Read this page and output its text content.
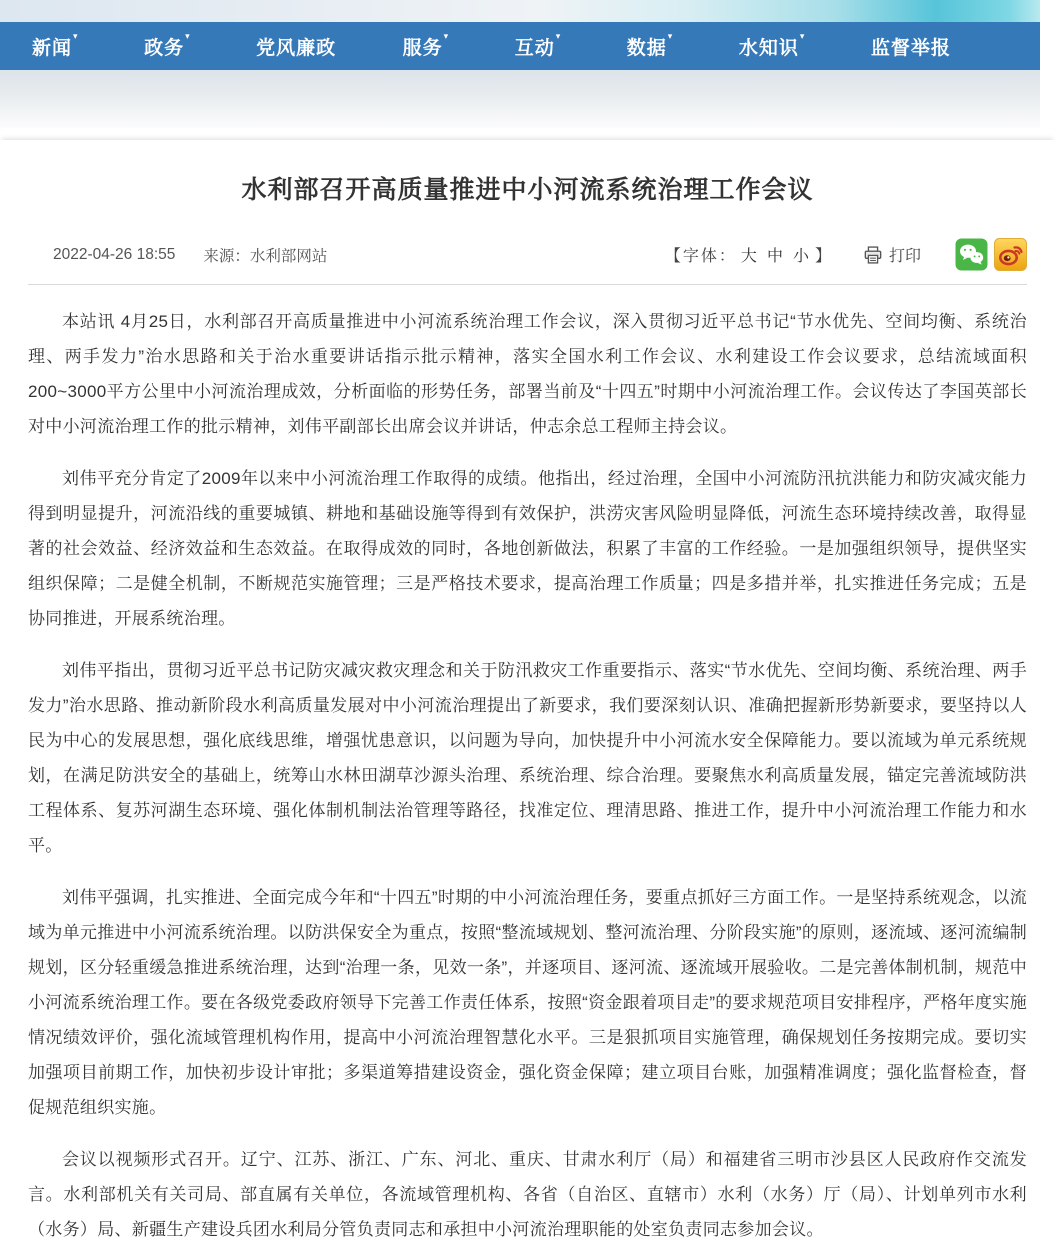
新闻▾
政务▾
党风廉政	服务▾
互动▾
数据▾
水知识▾
监督举报
水利部召开高质量推进中小河流系统治理工作会议
2022-04-26 18:55 来源：水利部网站	【字体： 大 中 小 】	打印

本站讯 4月25日，水利部召开高质量推进中小河流系统治理工作会议，深入贯彻习近平总书记“节水优先、空间均衡、系统治理、两手发力”治水思路和关于治水重要讲话指示批示精神，落实全国水利工作会议、水利建设工作会议要求，总结流域面积200~3000平方公里中小河流治理成效，分析面临的形势任务，部署当前及“十四五”时期中小河流治理工作。会议传达了李国英部长对中小河流治理工作的批示精神，刘伟平副部长出席会议并讲话，仲志余总工程师主持会议。

刘伟平充分肯定了2009年以来中小河流治理工作取得的成绩。他指出，经过治理，全国中小河流防汛抗洪能力和防灾减灾能力得到明显提升，河流沿线的重要城镇、耕地和基础设施等得到有效保护，洪涝灾害风险明显降低，河流生态环境持续改善，取得显著的社会效益、经济效益和生态效益。在取得成效的同时，各地创新做法，积累了丰富的工作经验。一是加强组织领导，提供坚实组织保障；二是健全机制，不断规范实施管理；三是严格技术要求，提高治理工作质量；四是多措并举，扎实推进任务完成；五是协同推进，开展系统治理。

刘伟平指出，贯彻习近平总书记防灾减灾救灾理念和关于防汛救灾工作重要指示、落实“节水优先、空间均衡、系统治理、两手发力”治水思路、推动新阶段水利高质量发展对中小河流治理提出了新要求，我们要深刻认识、准确把握新形势新要求，要坚持以人民为中心的发展思想，强化底线思维，增强忧患意识，以问题为导向，加快提升中小河流水安全保障能力。要以流域为单元系统规划，在满足防洪安全的基础上，统筹山水林田湖草沙源头治理、系统治理、综合治理。要聚焦水利高质量发展，锚定完善流域防洪工程体系、复苏河湖生态环境、强化体制机制法治管理等路径，找准定位、理清思路、推进工作，提升中小河流治理工作能力和水平。

刘伟平强调，扎实推进、全面完成今年和“十四五”时期的中小河流治理任务，要重点抓好三方面工作。一是坚持系统观念，以流域为单元推进中小河流系统治理。以防洪保安全为重点，按照“整流域规划、整河流治理、分阶段实施”的原则，逐流域、逐河流编制规划，区分轻重缓急推进系统治理，达到“治理一条，见效一条”，并逐项目、逐河流、逐流域开展验收。二是完善体制机制，规范中小河流系统治理工作。要在各级党委政府领导下完善工作责任体系，按照“资金跟着项目走”的要求规范项目安排程序，严格年度实施情况绩效评价，强化流域管理机构作用，提高中小河流治理智慧化水平。三是狠抓项目实施管理，确保规划任务按期完成。要切实加强项目前期工作，加快初步设计审批；多渠道筹措建设资金，强化资金保障；建立项目台账，加强精准调度；强化监督检查，督促规范组织实施。

会议以视频形式召开。辽宁、江苏、浙江、广东、河北、重庆、甘肃水利厅（局）和福建省三明市沙县区人民政府作交流发言。水利部机关有关司局、部直属有关单位，各流域管理机构、各省（自治区、直辖市）水利（水务）厅（局）、计划单列市水利（水务）局、新疆生产建设兵团水利局分管负责同志和承担中小河流治理职能的处室负责同志参加会议。
